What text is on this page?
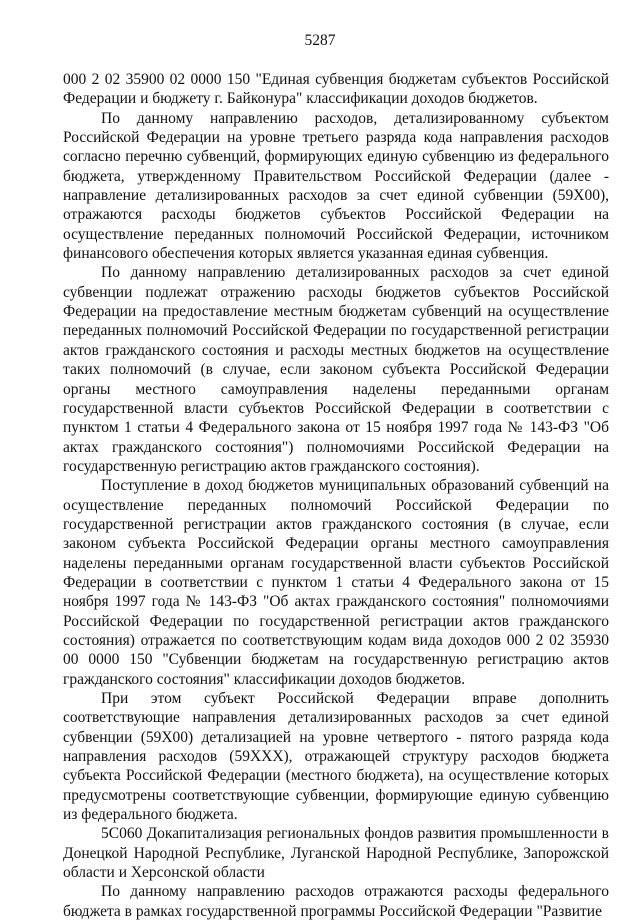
5287

000 2 02 35900 02 0000 150 "Единая субвенция бюджетам субъектов Российской Федерации и бюджету г. Байконура" классификации доходов бюджетов.

По данному направлению расходов, детализированному субъектом Российской Федерации на уровне третьего разряда кода направления расходов согласно перечню субвенций, формирующих единую субвенцию из федерального бюджета, утвержденному Правительством Российской Федерации (далее - направление детализированных расходов за счет единой субвенции (59Х00), отражаются расходы бюджетов субъектов Российской Федерации на осуществление переданных полномочий Российской Федерации, источником финансового обеспечения которых является указанная единая субвенция.

По данному направлению детализированных расходов за счет единой субвенции подлежат отражению расходы бюджетов субъектов Российской Федерации на предоставление местным бюджетам субвенций на осуществление переданных полномочий Российской Федерации по государственной регистрации актов гражданского состояния и расходы местных бюджетов на осуществление таких полномочий (в случае, если законом субъекта Российской Федерации органы местного самоуправления наделены переданными органам государственной власти субъектов Российской Федерации в соответствии с пунктом 1 статьи 4 Федерального закона от 15 ноября 1997 года № 143-ФЗ "Об актах гражданского состояния") полномочиями Российской Федерации на государственную регистрацию актов гражданского состояния).

Поступление в доход бюджетов муниципальных образований субвенций на осуществление переданных полномочий Российской Федерации по государственной регистрации актов гражданского состояния (в случае, если законом субъекта Российской Федерации органы местного самоуправления наделены переданными органам государственной власти субъектов Российской Федерации в соответствии с пунктом 1 статьи 4 Федерального закона от 15 ноября 1997 года № 143-ФЗ "Об актах гражданского состояния" полномочиями Российской Федерации по государственной регистрации актов гражданского состояния) отражается по соответствующим кодам вида доходов 000 2 02 35930 00 0000 150 "Субвенции бюджетам на государственную регистрацию актов гражданского состояния" классификации доходов бюджетов.

При этом субъект Российской Федерации вправе дополнить соответствующие направления детализированных расходов за счет единой субвенции (59Х00) детализацией на уровне четвертого - пятого разряда кода направления расходов (59ХХХ), отражающей структуру расходов бюджета субъекта Российской Федерации (местного бюджета), на осуществление которых предусмотрены соответствующие субвенции, формирующие единую субвенцию из федерального бюджета.

5С060 Докапитализация региональных фондов развития промышленности в Донецкой Народной Республике, Луганской Народной Республике, Запорожской области и Херсонской области

По данному направлению расходов отражаются расходы федерального бюджета в рамках государственной программы Российской Федерации "Развитие
